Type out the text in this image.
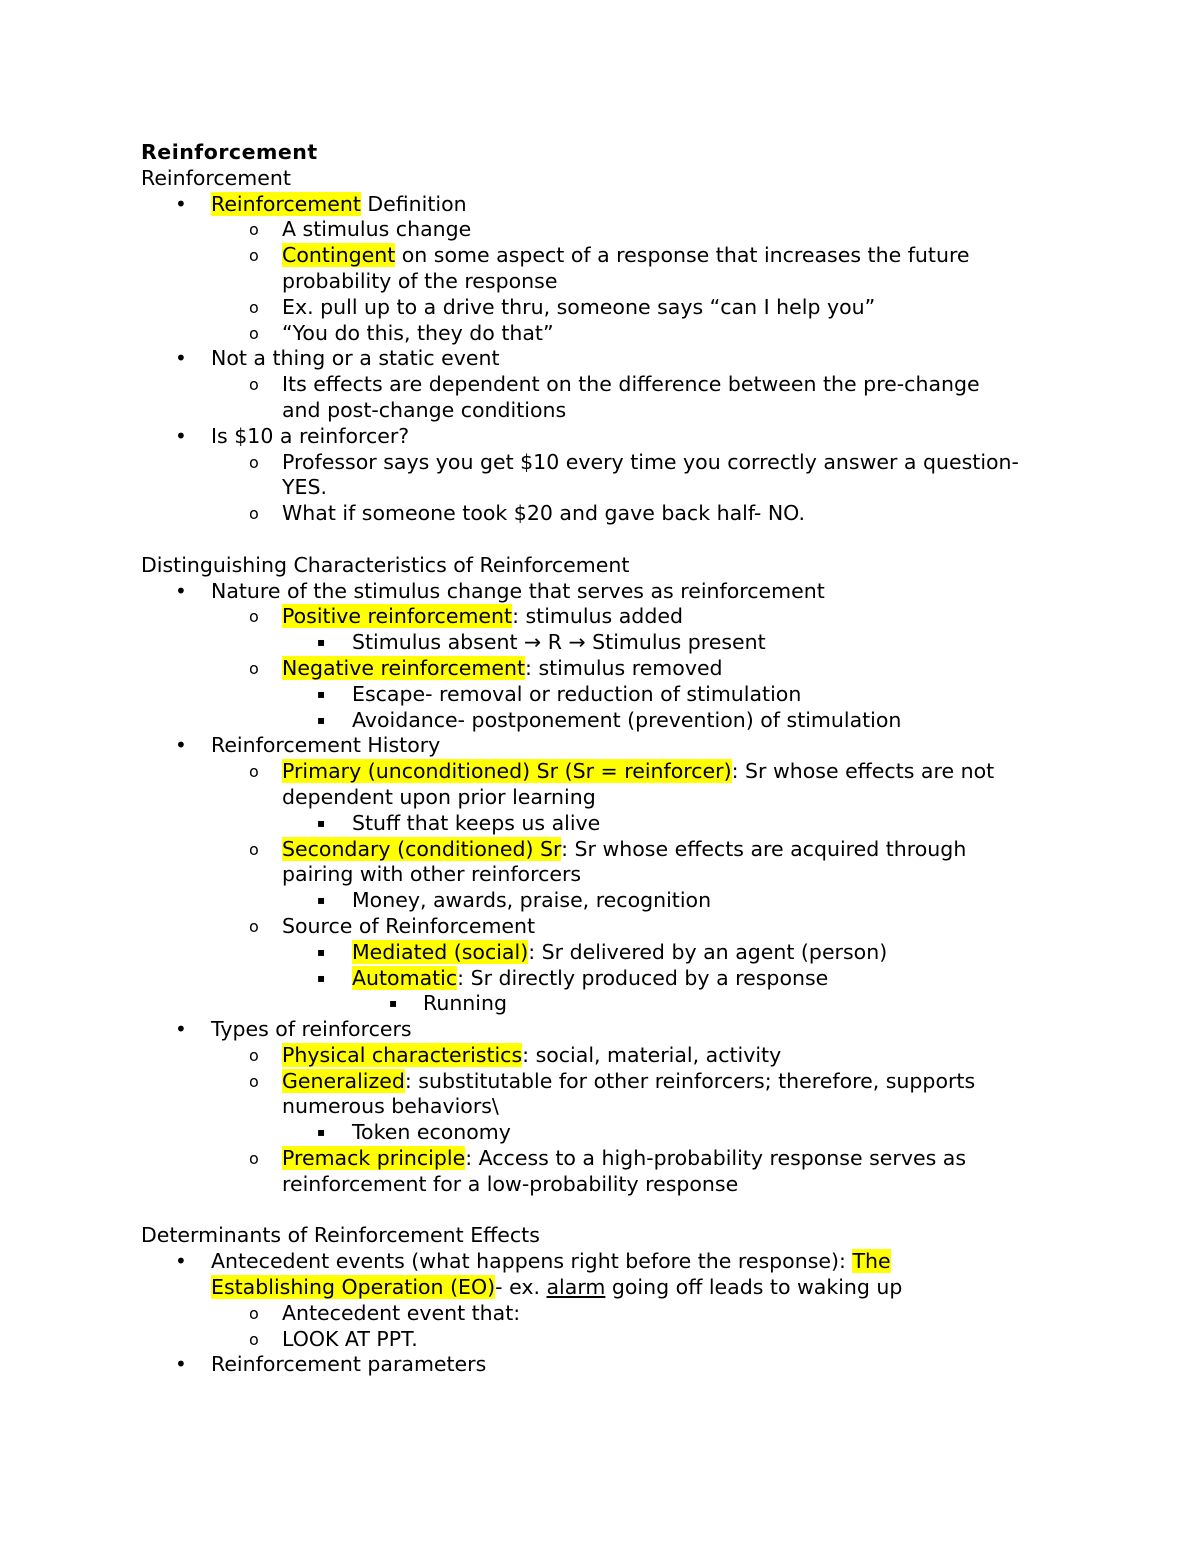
Reinforcement
Reinforcement
• Reinforcement Definition
o A stimulus change
o Contingent on some aspect of a response that increases the future
probability of the response
o Ex. pull up to a drive thru, someone says “can I help you”
o “You do this, they do that”
• Not a thing or a static event
o Its effects are dependent on the difference between the pre-change
and post-change conditions
• Is $10 a reinforcer?
o Professor says you get $10 every time you correctly answer a question-
YES.
o What if someone took $20 and gave back half- NO.
Distinguishing Characteristics of Reinforcement
• Nature of the stimulus change that serves as reinforcement
o Positive reinforcement: stimulus added
▪ Stimulus absent → R → Stimulus present
o Negative reinforcement: stimulus removed
▪ Escape- removal or reduction of stimulation
▪ Avoidance- postponement (prevention) of stimulation
• Reinforcement History
o Primary (unconditioned) Sr (Sr = reinforcer): Sr whose effects are not
dependent upon prior learning
▪ Stuff that keeps us alive
o Secondary (conditioned) Sr: Sr whose effects are acquired through
pairing with other reinforcers
▪ Money, awards, praise, recognition
o Source of Reinforcement
▪ Mediated (social): Sr delivered by an agent (person)
▪ Automatic: Sr directly produced by a response
▪ Running
• Types of reinforcers
o Physical characteristics: social, material, activity
o Generalized: substitutable for other reinforcers; therefore, supports
numerous behaviors\
▪ Token economy
o Premack principle: Access to a high-probability response serves as
reinforcement for a low-probability response
Determinants of Reinforcement Effects
• Antecedent events (what happens right before the response): The
Establishing Operation (EO)- ex. alarm going off leads to waking up
o Antecedent event that:
o LOOK AT PPT.
• Reinforcement parameters
